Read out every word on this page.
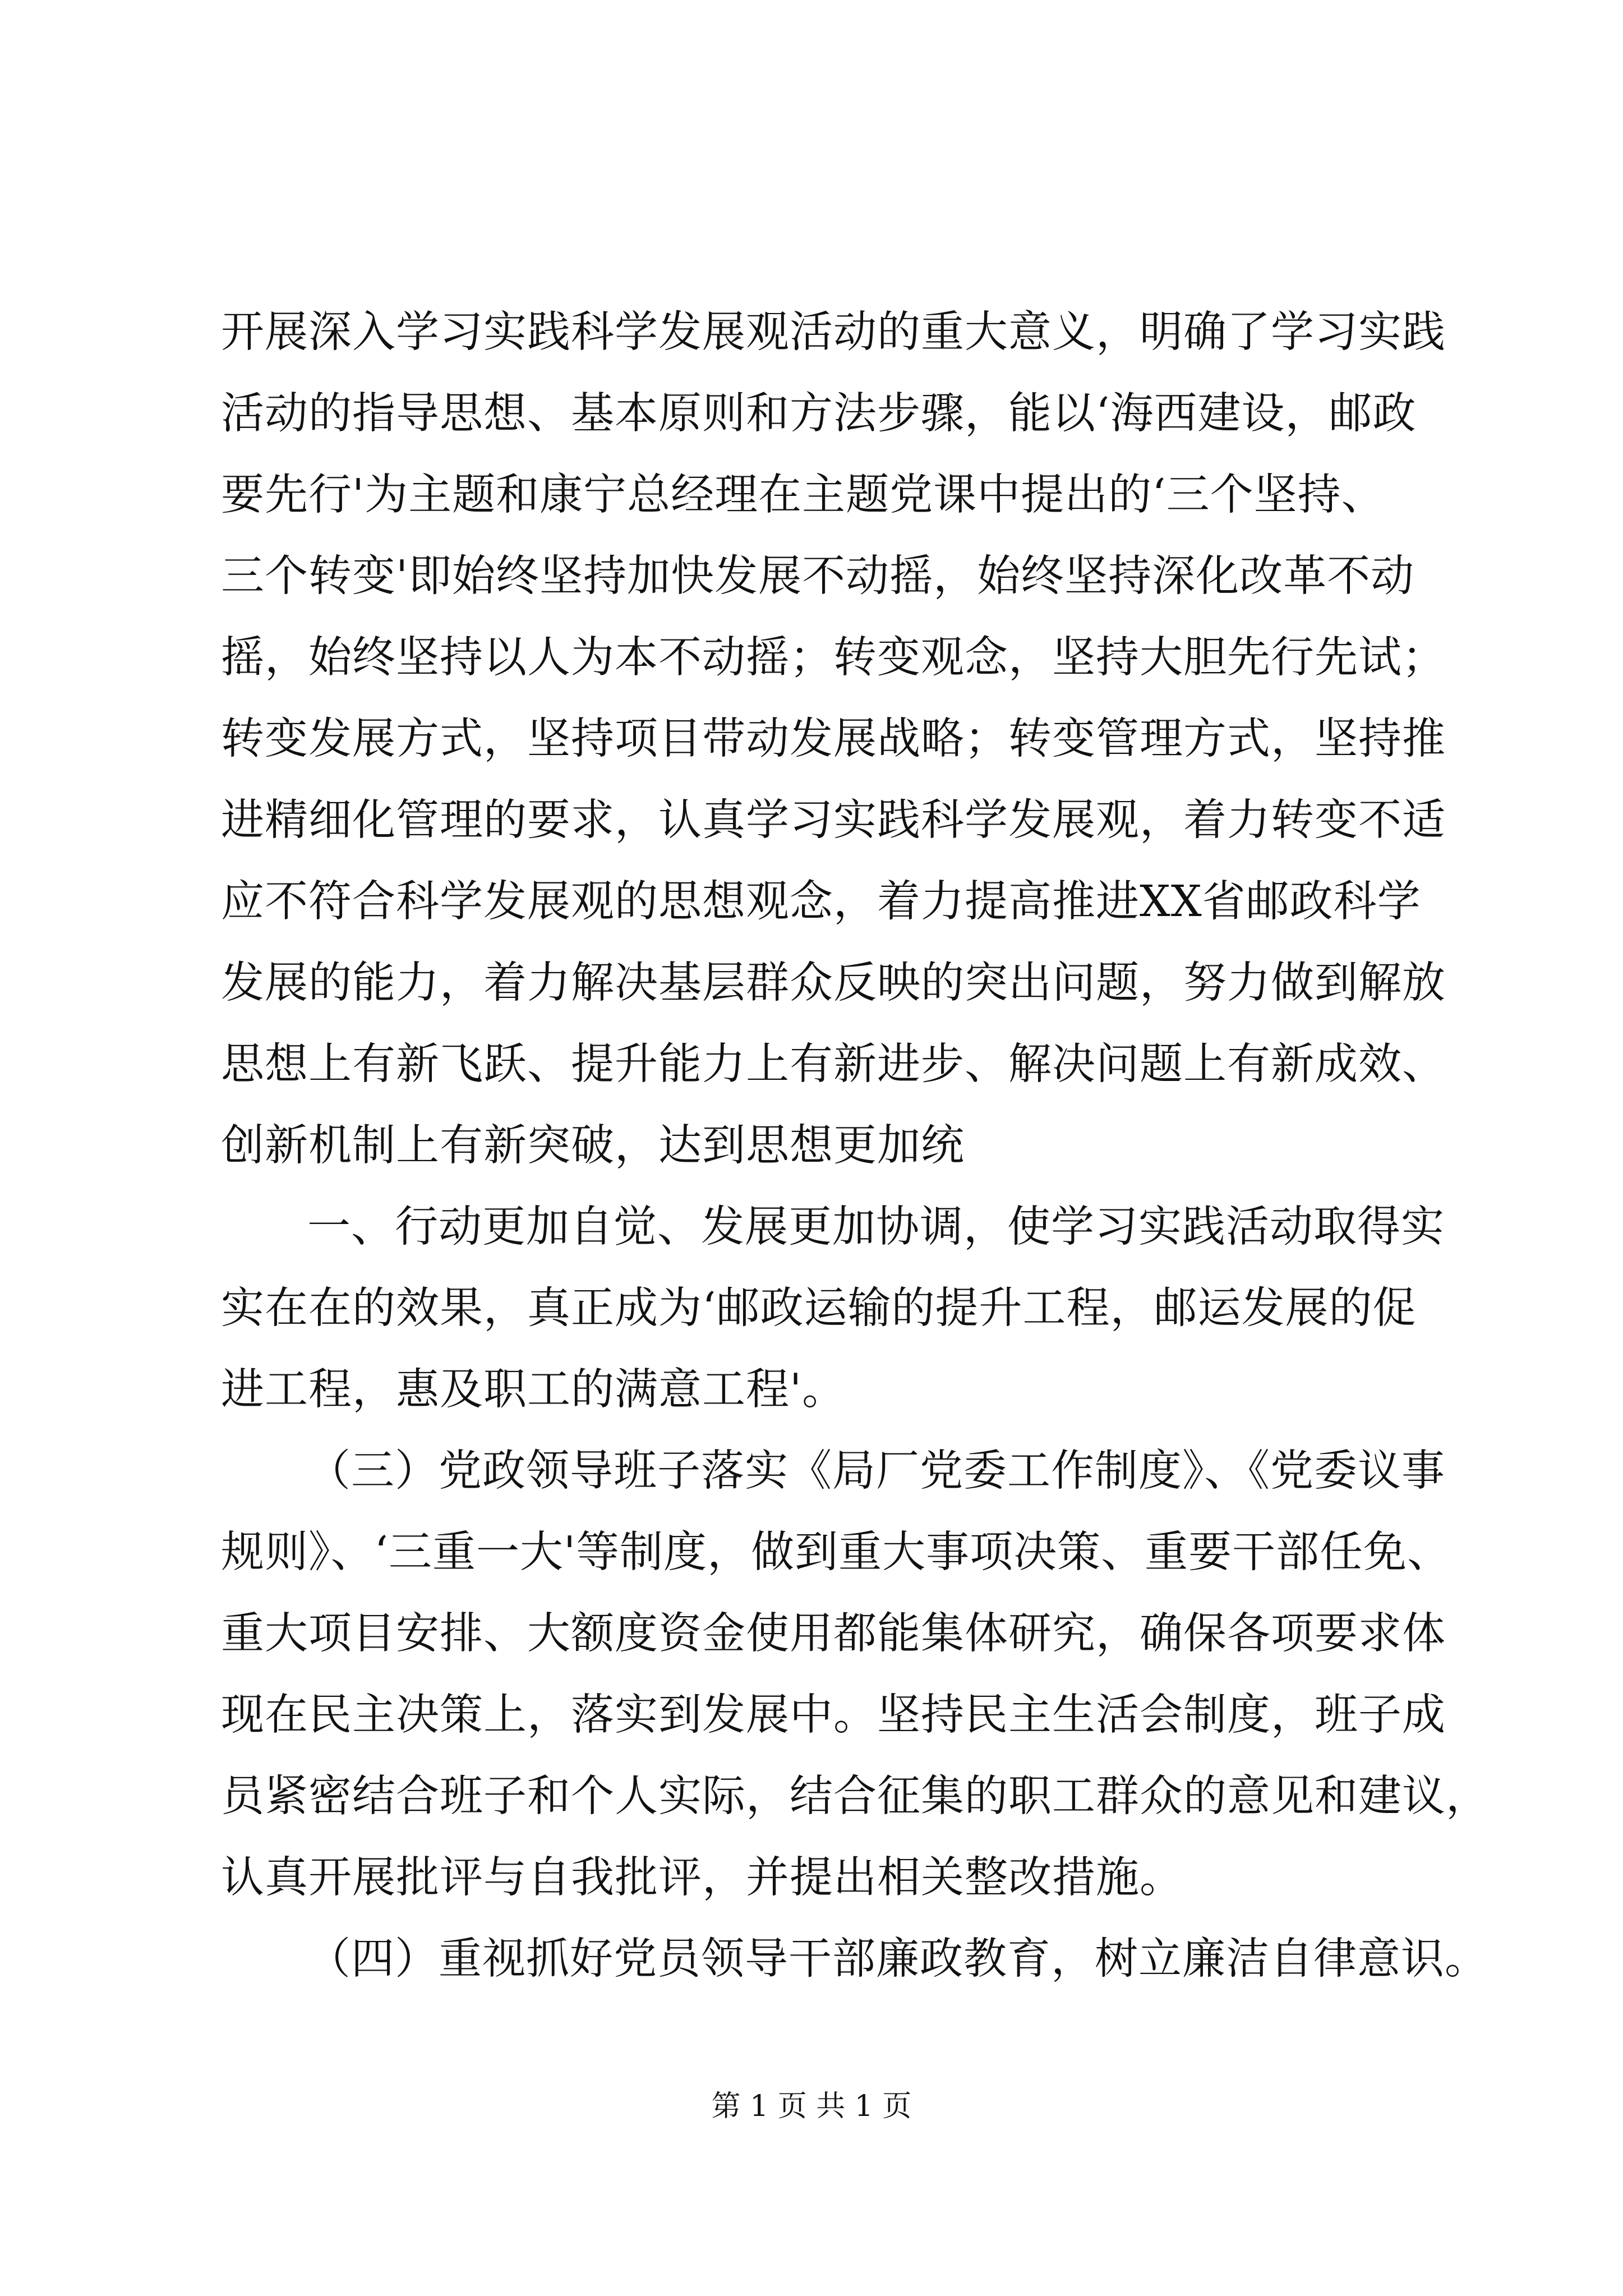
开展深入学习实践科学发展观活动的重大意义，明确了学习实践
活动的指导思想、基本原则和方法步骤，能以‘海西建设，邮政
要先行'为主题和康宁总经理在主题党课中提出的‘三个坚持、
三个转变'即始终坚持加快发展不动摇，始终坚持深化改革不动
摇，始终坚持以人为本不动摇；转变观念，坚持大胆先行先试；
转变发展方式，坚持项目带动发展战略；转变管理方式，坚持推
进精细化管理的要求，认真学习实践科学发展观，着力转变不适
应不符合科学发展观的思想观念，着力提高推进XX省邮政科学
发展的能力，着力解决基层群众反映的突出问题，努力做到解放
思想上有新飞跃、提升能力上有新进步、解决问题上有新成效、
创新机制上有新突破，达到思想更加统
一、行动更加自觉、发展更加协调，使学习实践活动取得实
实在在的效果，真正成为‘邮政运输的提升工程，邮运发展的促
进工程，惠及职工的满意工程'。
（三）党政领导班子落实《局厂党委工作制度》、《党委议事
规则》、‘三重一大'等制度，做到重大事项决策、重要干部任免、
重大项目安排、大额度资金使用都能集体研究，确保各项要求体
现在民主决策上，落实到发展中。坚持民主生活会制度，班子成
员紧密结合班子和个人实际，结合征集的职工群众的意见和建议，
认真开展批评与自我批评，并提出相关整改措施。
（四）重视抓好党员领导干部廉政教育，树立廉洁自律意识。
第 1 页 共 1 页
